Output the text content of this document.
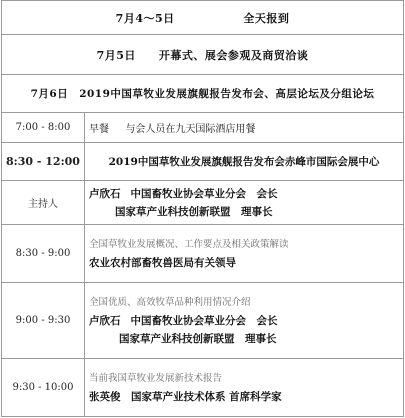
7月4～5日 全天报到	
7月5日　　开幕式、展会参观及商贸洽谈	
7月6日　2019中国草牧业发展旗舰报告发布会、高层论坛及分组论坛	
7:00 - 8:00	早餐 与会人员在九天国际酒店用餐
8:30 - 12:00	2019中国草牧业发展旗舰报告发布会赤峰市国际会展中心
主持人	卢欣石 中国畜牧业协会草业分会　会长
国家草产业科技创新联盟　理事长

8:30 - 9:00	全国草牧业发展概况、工作要点及相关政策解读
农业农村部畜牧兽医局有关领导

9:00 - 9:30	全国优质、高效牧草品种利用情况介绍
卢欣石 中国畜牧业协会草业分会　会长
国家草产业科技创新联盟　理事长

9:30 - 10:00	当前我国草牧业发展新技术报告
张英俊　国家草产业技术体系 首席科学家
